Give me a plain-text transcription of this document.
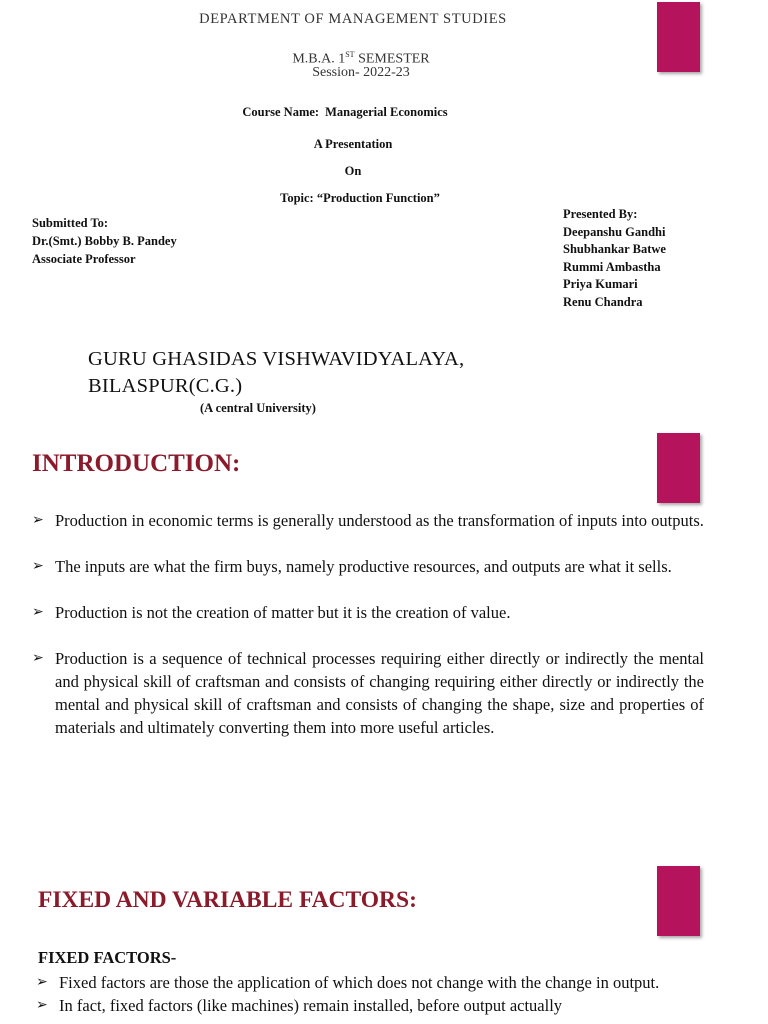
DEPARTMENT OF MANAGEMENT STUDIES
M.B.A. 1ST SEMESTER
Session- 2022-23
Course Name: Managerial Economics
A Presentation
On
Topic: “Production Function”
Submitted To:
Dr.(Smt.) Bobby B. Pandey
Associate Professor
Presented By:
Deepanshu Gandhi
Shubhankar Batwe
Rummi Ambastha
Priya Kumari
Renu Chandra
GURU GHASIDAS VISHWAVIDYALAYA,
BILASPUR(C.G.)
(A central University)
INTRODUCTION:
➢ Production in economic terms is generally understood as the transformation of inputs into outputs.
➢ The inputs are what the firm buys, namely productive resources, and outputs are what it sells.
➢ Production is not the creation of matter but it is the creation of value.
➢ Production is a sequence of technical processes requiring either directly or indirectly the mental and physical skill of craftsman and consists of changing requiring either directly or indirectly the mental and physical skill of craftsman and consists of changing the shape, size and properties of materials and ultimately converting them into more useful articles.
FIXED AND VARIABLE FACTORS:
FIXED FACTORS-
➢ Fixed factors are those the application of which does not change with the change in output.
➢ In fact, fixed factors (like machines) remain installed, before output actually
